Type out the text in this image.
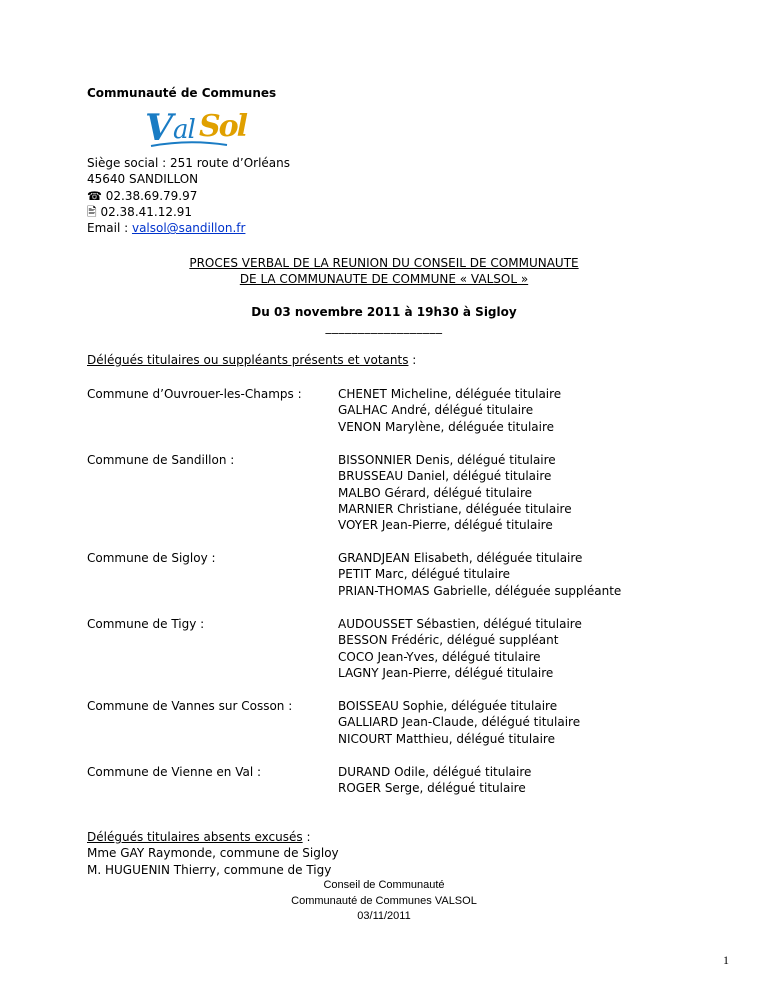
Communauté de Communes
V al Sol
Siège social : 251 route d’Orléans
45640 SANDILLON
☎ 02.38.69.79.97
🖹 02.38.41.12.91
Email : valsol@sandillon.fr
PROCES VERBAL DE LA REUNION DU CONSEIL DE COMMUNAUTE
DE LA COMMUNAUTE DE COMMUNE « VALSOL »
Du 03 novembre 2011 à 19h30 à Sigloy
__________________
Délégués titulaires ou suppléants présents et votants :
Commune d’Ouvrouer-les-Champs :	CHENET Micheline, déléguée titulaire
GALHAC André, délégué titulaire
VENON Marylène, déléguée titulaire
Commune de Sandillon :	BISSONNIER Denis, délégué titulaire
BRUSSEAU Daniel, délégué titulaire
MALBO Gérard, délégué titulaire
MARNIER Christiane, déléguée titulaire
VOYER Jean-Pierre, délégué titulaire
Commune de Sigloy :	GRANDJEAN Elisabeth, déléguée titulaire
PETIT Marc, délégué titulaire
PRIAN-THOMAS Gabrielle, déléguée suppléante
Commune de Tigy :	AUDOUSSET Sébastien, délégué titulaire
BESSON Frédéric, délégué suppléant
COCO Jean-Yves, délégué titulaire
LAGNY Jean-Pierre, délégué titulaire
Commune de Vannes sur Cosson :	BOISSEAU Sophie, déléguée titulaire
GALLIARD Jean-Claude, délégué titulaire
NICOURT Matthieu, délégué titulaire
Commune de Vienne en Val :	DURAND Odile, délégué titulaire
ROGER Serge, délégué titulaire
Délégués titulaires absents excusés :
Mme GAY Raymonde, commune de Sigloy
M. HUGUENIN Thierry, commune de Tigy
Conseil de Communauté
Communauté de Communes VALSOL
03/11/2011
1
